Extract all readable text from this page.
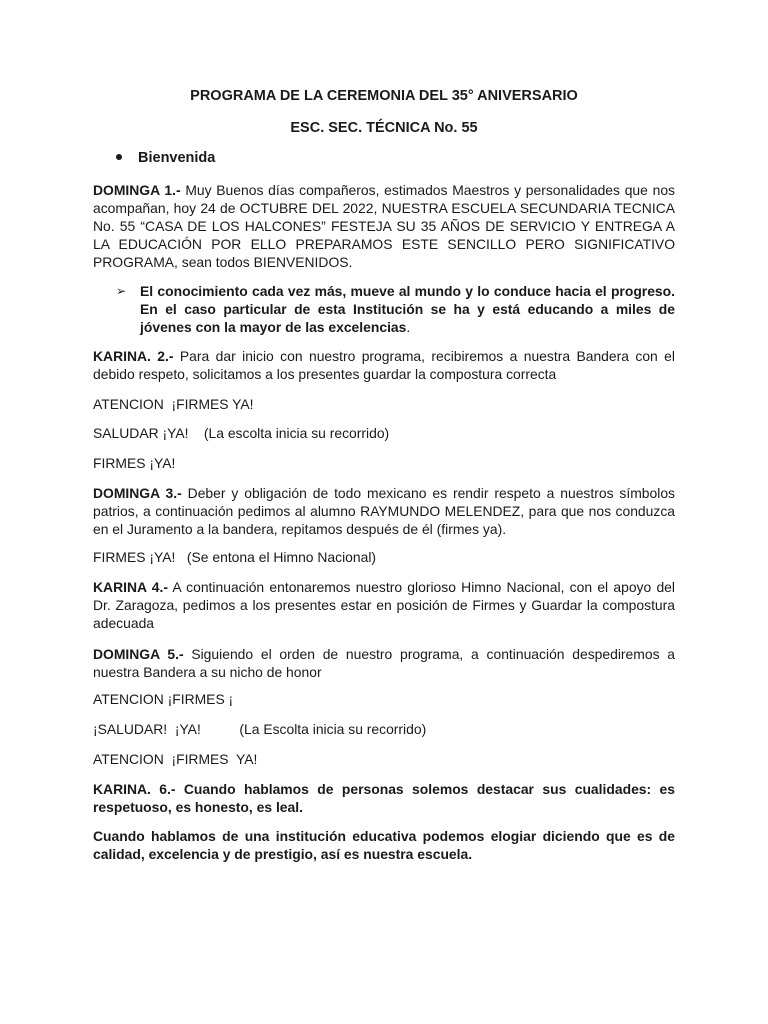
PROGRAMA DE LA CEREMONIA DEL 35° ANIVERSARIO
ESC. SEC. TÉCNICA No. 55
Bienvenida
DOMINGA 1.- Muy Buenos días compañeros, estimados Maestros y personalidades que nos acompañan, hoy 24 de OCTUBRE DEL 2022, NUESTRA ESCUELA SECUNDARIA TECNICA No. 55 “CASA DE LOS HALCONES” FESTEJA SU 35 AÑOS DE SERVICIO Y ENTREGA A LA EDUCACIÓN POR ELLO PREPARAMOS ESTE SENCILLO PERO SIGNIFICATIVO PROGRAMA, sean todos BIENVENIDOS.
➢	El conocimiento cada vez más, mueve al mundo y lo conduce hacia el progreso. En el caso particular de esta Institución se ha y está educando a miles de jóvenes con la mayor de las excelencias.
KARINA. 2.- Para dar inicio con nuestro programa, recibiremos a nuestra Bandera con el debido respeto, solicitamos a los presentes guardar la compostura correcta
ATENCION  ¡FIRMES YA!
SALUDAR ¡YA!    (La escolta inicia su recorrido)
FIRMES ¡YA!
DOMINGA 3.- Deber y obligación de todo mexicano es rendir respeto a nuestros símbolos patrios, a continuación pedimos al alumno RAYMUNDO MELENDEZ, para que nos conduzca en el Juramento a la bandera, repitamos después de él (firmes ya).
FIRMES ¡YA!   (Se entona el Himno Nacional)
KARINA 4.- A continuación entonaremos nuestro glorioso Himno Nacional, con el apoyo del Dr. Zaragoza, pedimos a los presentes estar en posición de Firmes y Guardar la compostura adecuada
DOMINGA 5.- Siguiendo el orden de nuestro programa, a continuación despediremos a nuestra Bandera a su nicho de honor
ATENCION ¡FIRMES ¡
¡SALUDAR!  ¡YA!          (La Escolta inicia su recorrido)
ATENCION  ¡FIRMES  YA!
KARINA. 6.- Cuando hablamos de personas solemos destacar sus cualidades: es respetuoso, es honesto, es leal.
Cuando hablamos de una institución educativa podemos elogiar diciendo que es de calidad, excelencia y de prestigio, así es nuestra escuela.
